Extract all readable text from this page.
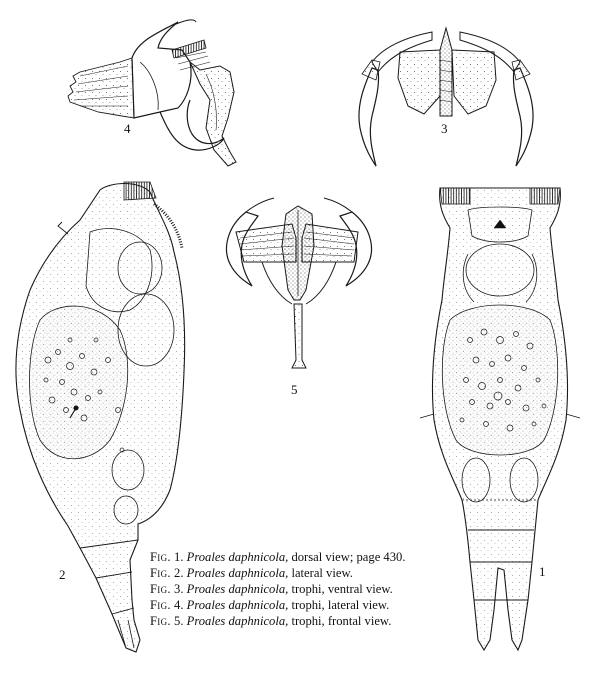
4	3
5
2	1
Fig. 1. Proales daphnicola, dorsal view; page 430.
Fig. 2. Proales daphnicola, lateral view.
Fig. 3. Proales daphnicola, trophi, ventral view.
Fig. 4. Proales daphnicola, trophi, lateral view.
Fig. 5. Proales daphnicola, trophi, frontal view.
